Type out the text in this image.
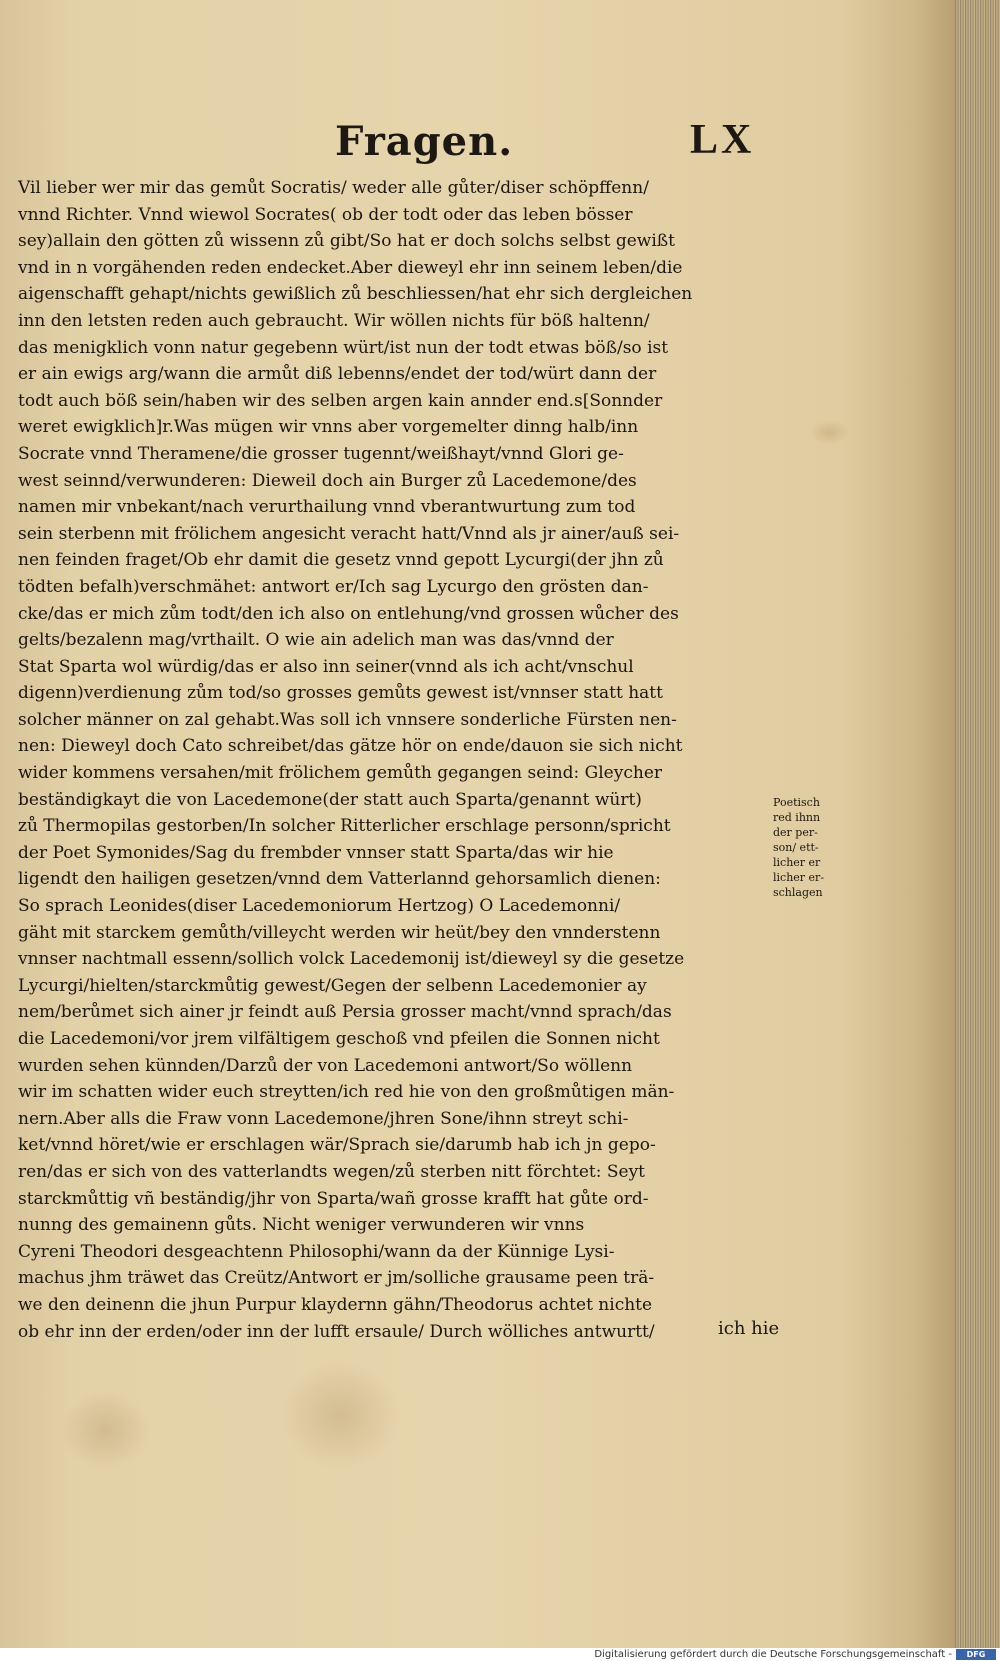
Fragen.	LX
Vil lieber wer mir das gemůt Socratis/ weder alle gůter/diser schöpffenn/
vnnd Richter. Vnnd wiewol Socrates( ob der todt oder das leben bösser
sey)allain den götten zů wissenn zů gibt/So hat er doch solchs selbst gewißt
vnd in n vorgähenden reden endecket.Aber dieweyl ehr inn seinem leben/die
aigenschafft gehapt/nichts gewißlich zů beschliessen/hat ehr sich dergleichen
inn den letsten reden auch gebraucht. Wir wöllen nichts für böß haltenn/
das menigklich vonn natur gegebenn würt/ist nun der todt etwas böß/so ist
er ain ewigs arg/wann die armůt diß lebenns/endet der tod/würt dann der
todt auch böß sein/haben wir des selben argen kain annder end.s[Sonnder
weret ewigklich]r.Was mügen wir vnns aber vorgemelter dinng halb/inn
Socrate vnnd Theramene/die grosser tugennt/weißhayt/vnnd Glori ge-
west seinnd/verwunderen: Dieweil doch ain Burger zů Lacedemone/des
namen mir vnbekant/nach verurthailung vnnd vberantwurtung zum tod
sein sterbenn mit frölichem angesicht veracht hatt/Vnnd als jr ainer/auß sei-
nen feinden fraget/Ob ehr damit die gesetz vnnd gepott Lycurgi(der jhn zů
tödten befalh)verschmähet: antwort er/Ich sag Lycurgo den grösten dan-
cke/das er mich zům todt/den ich also on entlehung/vnd grossen wůcher des
gelts/bezalenn mag/vrthailt. O wie ain adelich man was das/vnnd der
Stat Sparta wol würdig/das er also inn seiner(vnnd als ich acht/vnschul
digenn)verdienung zům tod/so grosses gemůts gewest ist/vnnser statt hatt
solcher männer on zal gehabt.Was soll ich vnnsere sonderliche Fürsten nen-
nen: Dieweyl doch Cato schreibet/das gätze hör on ende/dauon sie sich nicht
wider kommens versahen/mit frölichem gemůth gegangen seind: Gleycher
beständigkayt die von Lacedemone(der statt auch Sparta/genannt würt)
zů Thermopilas gestorben/In solcher Ritterlicher erschlage personn/spricht
der Poet Symonides/Sag du frembder vnnser statt Sparta/das wir hie
ligendt den hailigen gesetzen/vnnd dem Vatterlannd gehorsamlich dienen:
So sprach Leonides(diser Lacedemoniorum Hertzog) O Lacedemonni/
gäht mit starckem gemůth/villeycht werden wir heüt/bey den vnnderstenn
vnnser nachtmall essenn/sollich volck Lacedemonij ist/dieweyl sy die gesetze
Lycurgi/hielten/starckmůtig gewest/Gegen der selbenn Lacedemonier ay
nem/berůmet sich ainer jr feindt auß Persia grosser macht/vnnd sprach/das
die Lacedemoni/vor jrem vilfältigem geschoß vnd pfeilen die Sonnen nicht
wurden sehen künnden/Darzů der von Lacedemoni antwort/So wöllenn
wir im schatten wider euch streytten/ich red hie von den großmůtigen män-
nern.Aber alls die Fraw vonn Lacedemone/jhren Sone/ihnn streyt schi-
ket/vnnd höret/wie er erschlagen wär/Sprach sie/darumb hab ich jn gepo-
ren/das er sich von des vatterlandts wegen/zů sterben nitt förchtet: Seyt
starckmůttig vñ beständig/jhr von Sparta/wañ grosse krafft hat gůte ord-
nunng des gemainenn gůts. Nicht weniger verwunderen wir vnns
Cyreni Theodori desgeachtenn Philosophi/wann da der Künnige Lysi-
machus jhm träwet das Creütz/Antwort er jm/solliche grausame peen trä-
we den deinenn die jhun Purpur klaydernn gähn/Theodorus achtet nichte
ob ehr inn der erden/oder inn der lufft ersaule/ Durch wölliches antwurtt/
Poetisch
red ihnn
der per-
son/ ett-
licher er
licher er-
schlagen
ich hie
Digitalisierung gefördert durch die Deutsche Forschungsgemeinschaft -	DFG
